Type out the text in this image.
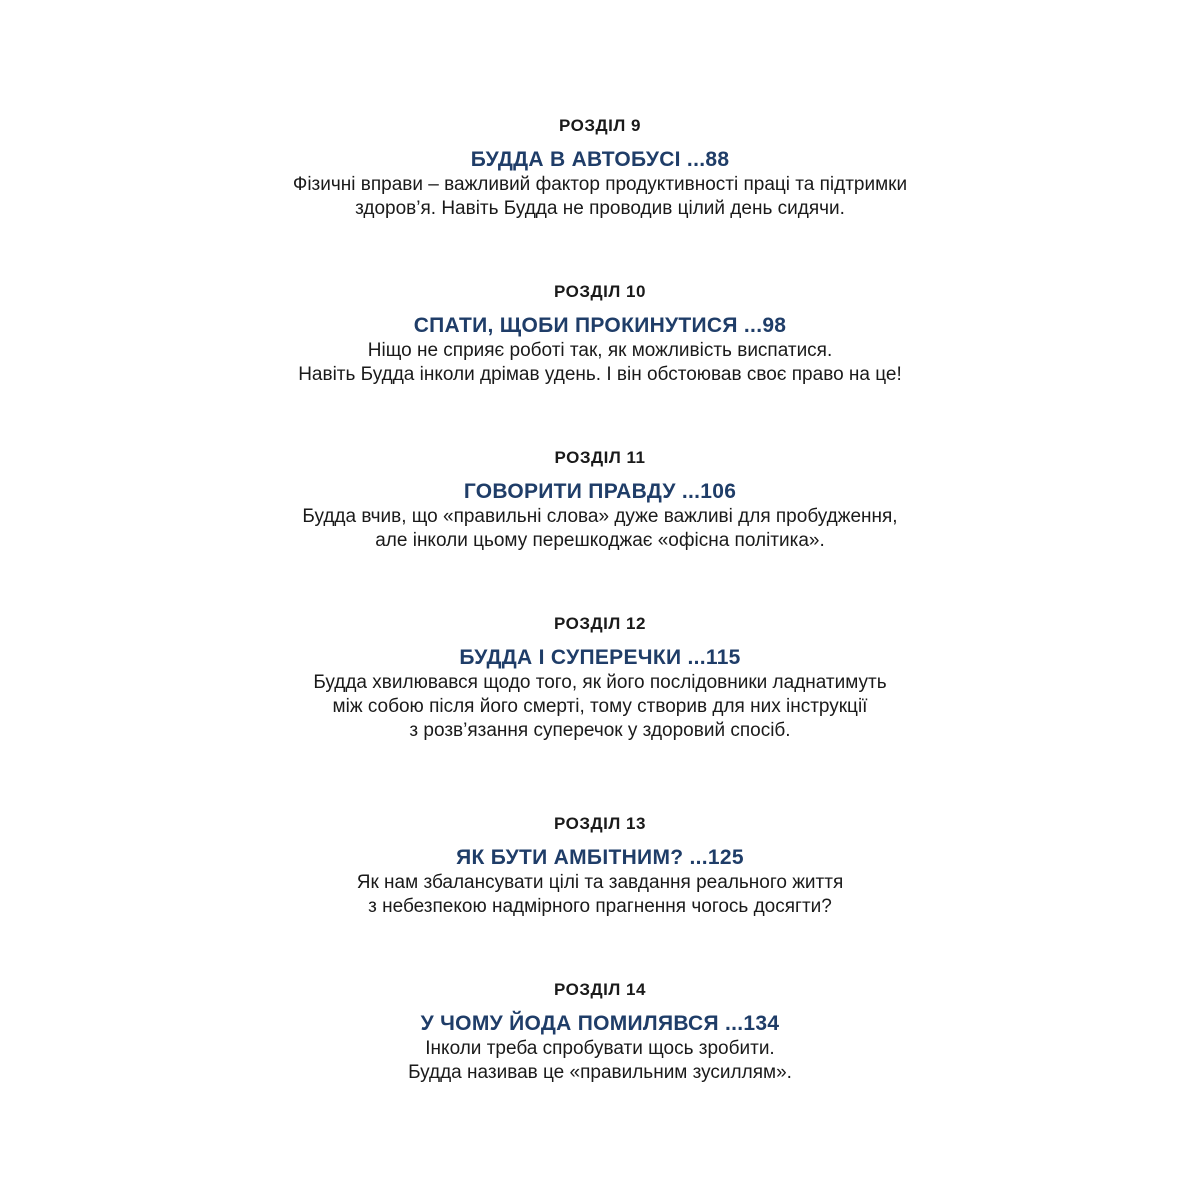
РОЗДІЛ 9
БУДДА В АВТОБУСІ ...88
Фізичні вправи – важливий фактор продуктивності праці та підтримки
здоров’я. Навіть Будда не проводив цілий день сидячи.
РОЗДІЛ 10
СПАТИ, ЩОБИ ПРОКИНУТИСЯ ...98
Ніщо не сприяє роботі так, як можливість виспатися.
Навіть Будда інколи дрімав удень. І він обстоював своє право на це!
РОЗДІЛ 11
ГОВОРИТИ ПРАВДУ ...106
Будда вчив, що «правильні слова» дуже важливі для пробудження,
але інколи цьому перешкоджає «офісна політика».
РОЗДІЛ 12
БУДДА І СУПЕРЕЧКИ ...115
Будда хвилювався щодо того, як його послідовники ладнатимуть
між собою після його смерті, тому створив для них інструкції
з розв’язання суперечок у здоровий спосіб.
РОЗДІЛ 13
ЯК БУТИ АМБІТНИМ? ...125
Як нам збалансувати цілі та завдання реального життя
з небезпекою надмірного прагнення чогось досягти?
РОЗДІЛ 14
У ЧОМУ ЙОДА ПОМИЛЯВСЯ ...134
Інколи треба спробувати щось зробити.
Будда називав це «правильним зусиллям».
